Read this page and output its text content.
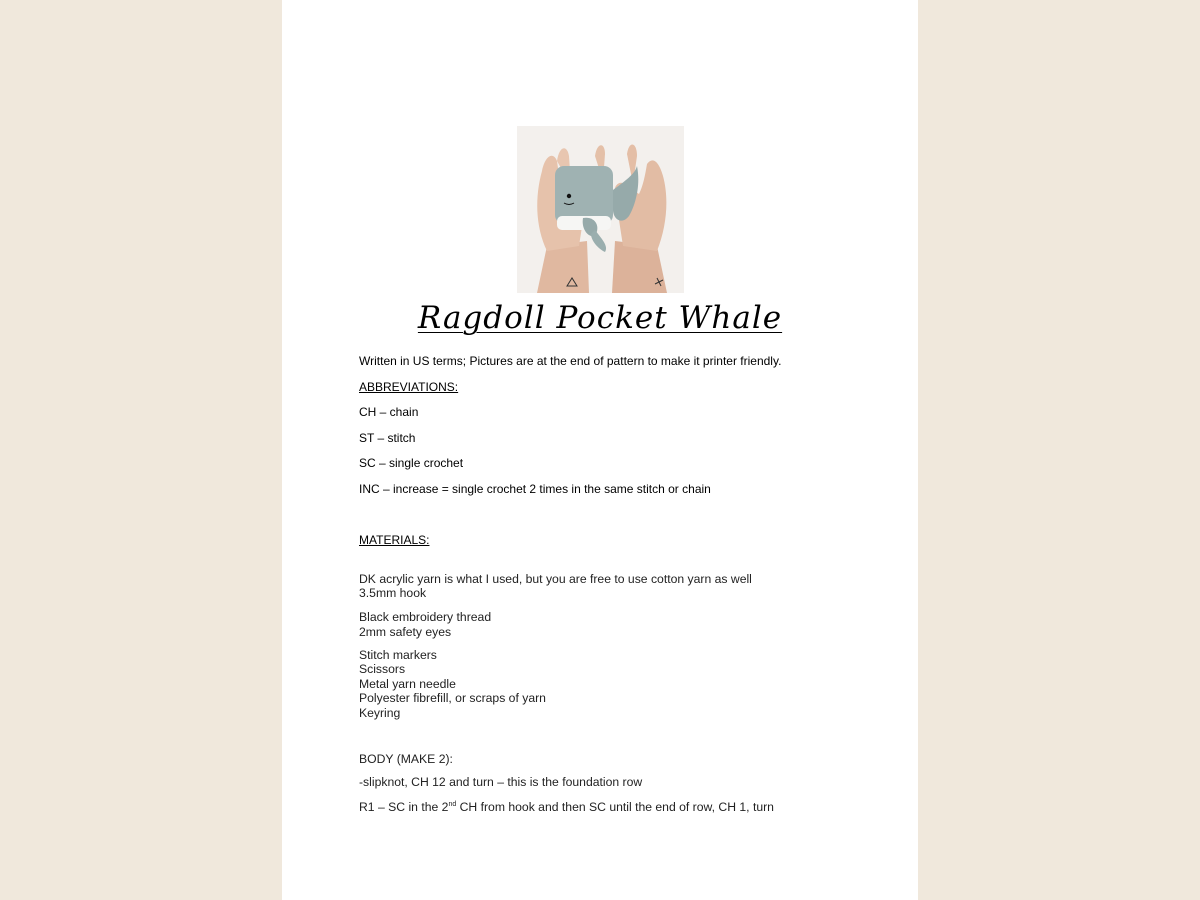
Ragdoll Pocket Whale
Written in US terms; Pictures are at the end of pattern to make it printer friendly.
ABBREVIATIONS:
CH – chain
ST – stitch
SC – single crochet
INC – increase = single crochet 2 times in the same stitch or chain
MATERIALS:
DK acrylic yarn is what I used, but you are free to use cotton yarn as well
3.5mm hook
Black embroidery thread
2mm safety eyes
Stitch markers
Scissors
Metal yarn needle
Polyester fibrefill, or scraps of yarn
Keyring
BODY (MAKE 2):
-slipknot, CH 12 and turn – this is the foundation row
R1 – SC in the 2nd CH from hook and then SC until the end of row, CH 1, turn
